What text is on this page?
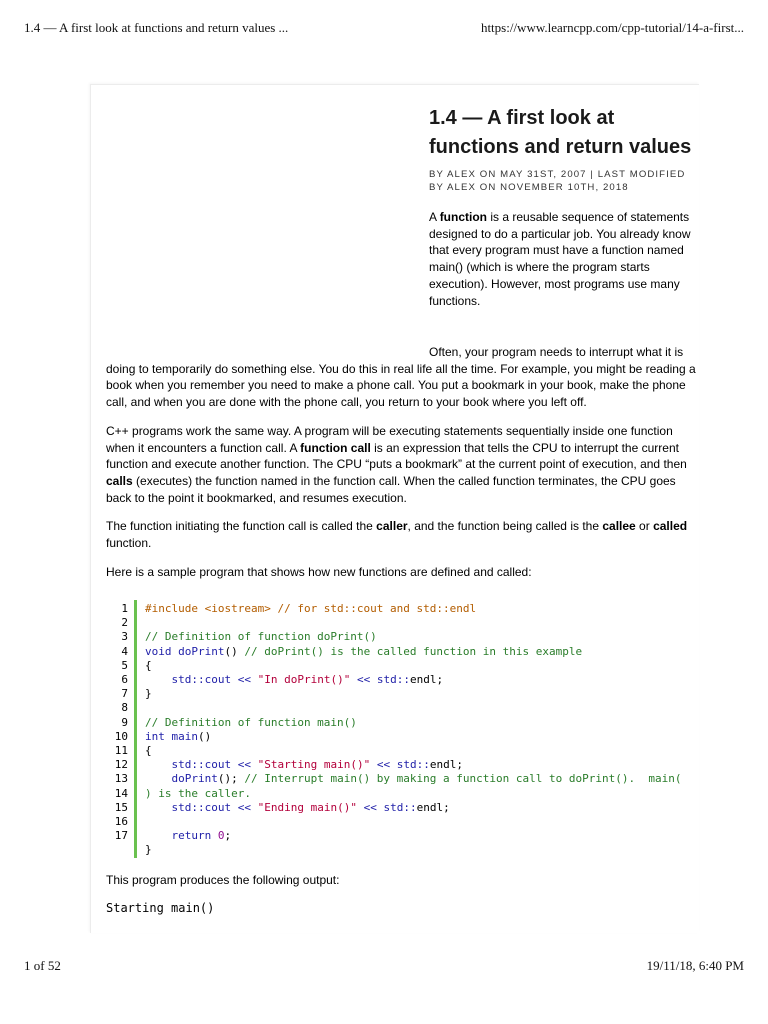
1.4 — A first look at functions and return values ...	https://www.learncpp.com/cpp-tutorial/14-a-first...
1.4 — A first look at functions and return values
BY ALEX ON MAY 31ST, 2007 | LAST MODIFIED BY ALEX ON NOVEMBER 10TH, 2018
A function is a reusable sequence of statements designed to do a particular job. You already know that every program must have a function named main() (which is where the program starts execution). However, most programs use many functions.

Often, your program needs to interrupt what it is doing to temporarily do something else. You do this in real life all the time. For example, you might be reading a book when you remember you need to make a phone call. You put a bookmark in your book, make the phone call, and when you are done with the phone call, you return to your book where you left off.

C++ programs work the same way. A program will be executing statements sequentially inside one function when it encounters a function call. A function call is an expression that tells the CPU to interrupt the current function and execute another function. The CPU “puts a bookmark” at the current point of execution, and then calls (executes) the function named in the function call. When the called function terminates, the CPU goes back to the point it bookmarked, and resumes execution.

The function initiating the function call is called the caller, and the function being called is the callee or called function.

Here is a sample program that shows how new functions are defined and called:

1
2
3
4
5
6
7
8
9
10
11
12
13
14
15
16
17
#include <iostream> // for std::cout and std::endl
// Definition of function doPrint()
void doPrint() // doPrint() is the called function in this example
{
std::cout << "In doPrint()" << std::endl;
}
// Definition of function main()
int main()
{
std::cout << "Starting main()" << std::endl;
doPrint(); // Interrupt main() by making a function call to doPrint().  main(
) is the caller.
std::cout << "Ending main()" << std::endl;
return 0;
}
This program produces the following output:
Starting main()
1 of 52	19/11/18, 6:40 PM
